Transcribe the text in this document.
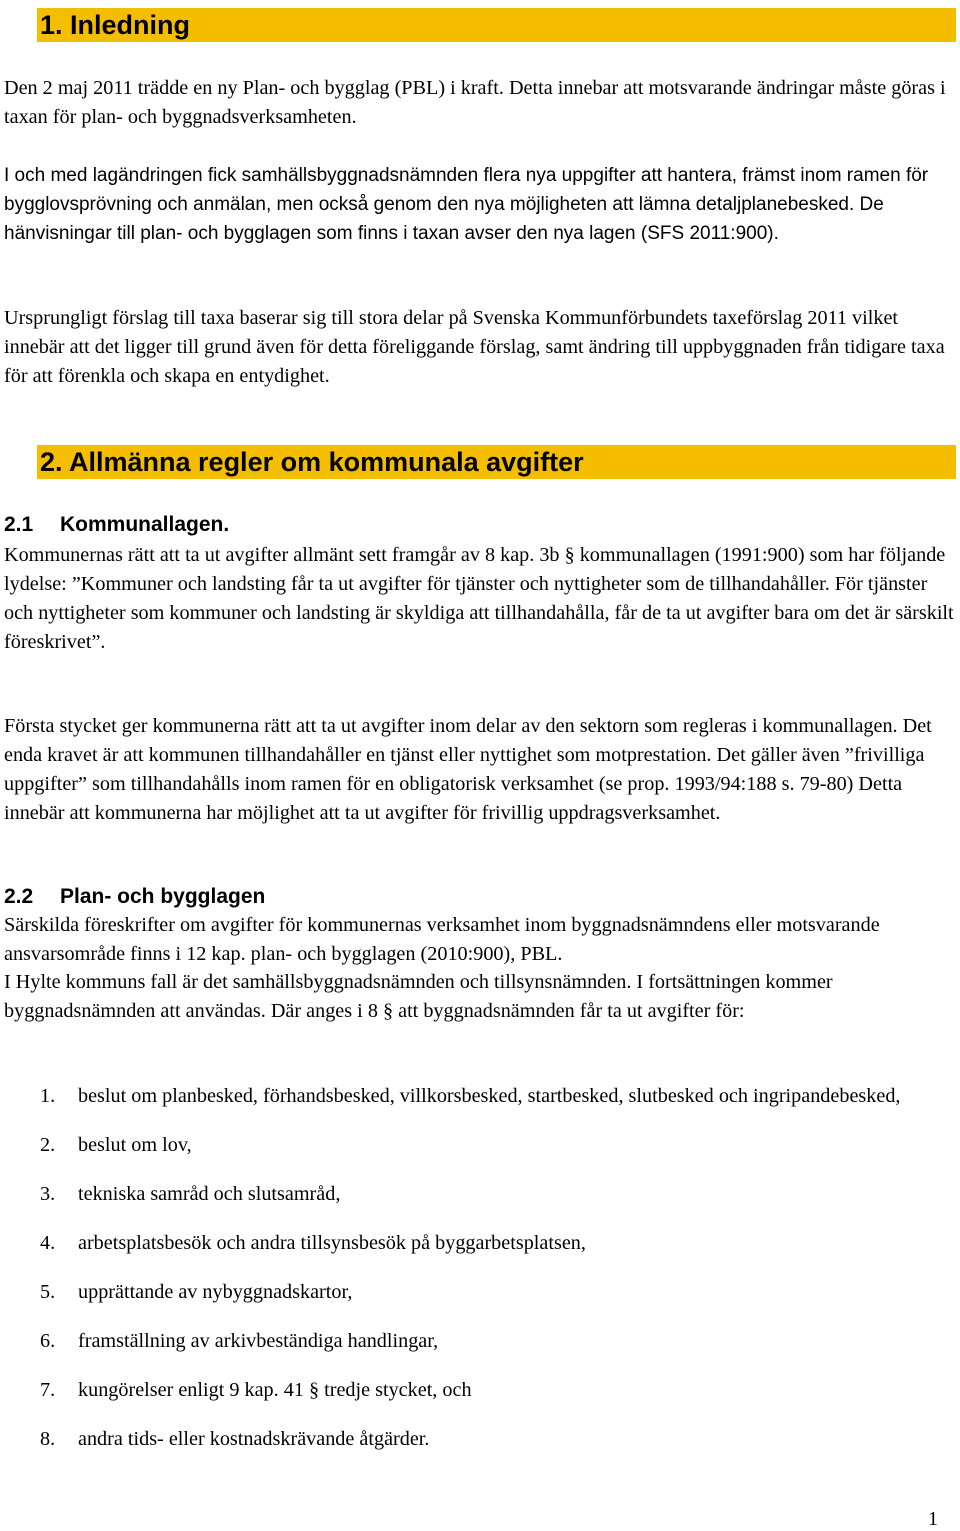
1. Inledning

Den 2 maj 2011 trädde en ny Plan- och bygglag (PBL) i kraft. Detta innebar att motsvarande ändringar måste göras i taxan för plan- och byggnadsverksamheten.

I och med lagändringen fick samhällsbyggnadsnämnden flera nya uppgifter att hantera, främst inom ramen för bygglovsprövning och anmälan, men också genom den nya möjligheten att lämna detaljplanebesked. De hänvisningar till plan- och bygglagen som finns i taxan avser den nya lagen (SFS 2011:900).

Ursprungligt förslag till taxa baserar sig till stora delar på Svenska Kommunförbundets taxeförslag 2011 vilket innebär att det ligger till grund även för detta föreliggande förslag, samt ändring till uppbyggnaden från tidigare taxa för att förenkla och skapa en entydighet.

2. Allmänna regler om kommunala avgifter
2.1 Kommunallagen.

Kommunernas rätt att ta ut avgifter allmänt sett framgår av 8 kap. 3b § kommunallagen (1991:900) som har följande lydelse: ”Kommuner och landsting får ta ut avgifter för tjänster och nyttigheter som de tillhandahåller. För tjänster och nyttigheter som kommuner och landsting är skyldiga att tillhandahålla, får de ta ut avgifter bara om det är särskilt föreskrivet”.

Första stycket ger kommunerna rätt att ta ut avgifter inom delar av den sektorn som regleras i kommunallagen. Det enda kravet är att kommunen tillhandahåller en tjänst eller nyttighet som motprestation. Det gäller även ”frivilliga uppgifter” som tillhandahålls inom ramen för en obligatorisk verksamhet (se prop. 1993/94:188 s. 79-80) Detta innebär att kommunerna har möjlighet att ta ut avgifter för frivillig uppdragsverksamhet.

2.2 Plan- och bygglagen

Särskilda föreskrifter om avgifter för kommunernas verksamhet inom byggnadsnämndens eller motsvarande ansvarsområde finns i 12 kap. plan- och bygglagen (2010:900), PBL.

I Hylte kommuns fall är det samhällsbyggnadsnämnden och tillsynsnämnden. I fortsättningen kommer byggnadsnämnden att användas. Där anges i 8 § att byggnadsnämnden får ta ut avgifter för:

1. beslut om planbesked, förhandsbesked, villkorsbesked, startbesked, slutbesked och ingripandebesked,
2. beslut om lov,
3. tekniska samråd och slutsamråd,
4. arbetsplatsbesök och andra tillsynsbesök på byggarbetsplatsen,
5. upprättande av nybyggnadskartor,
6. framställning av arkivbeständiga handlingar,
7. kungörelser enligt 9 kap. 41 § tredje stycket, och
8. andra tids- eller kostnadskrävande åtgärder.
1
